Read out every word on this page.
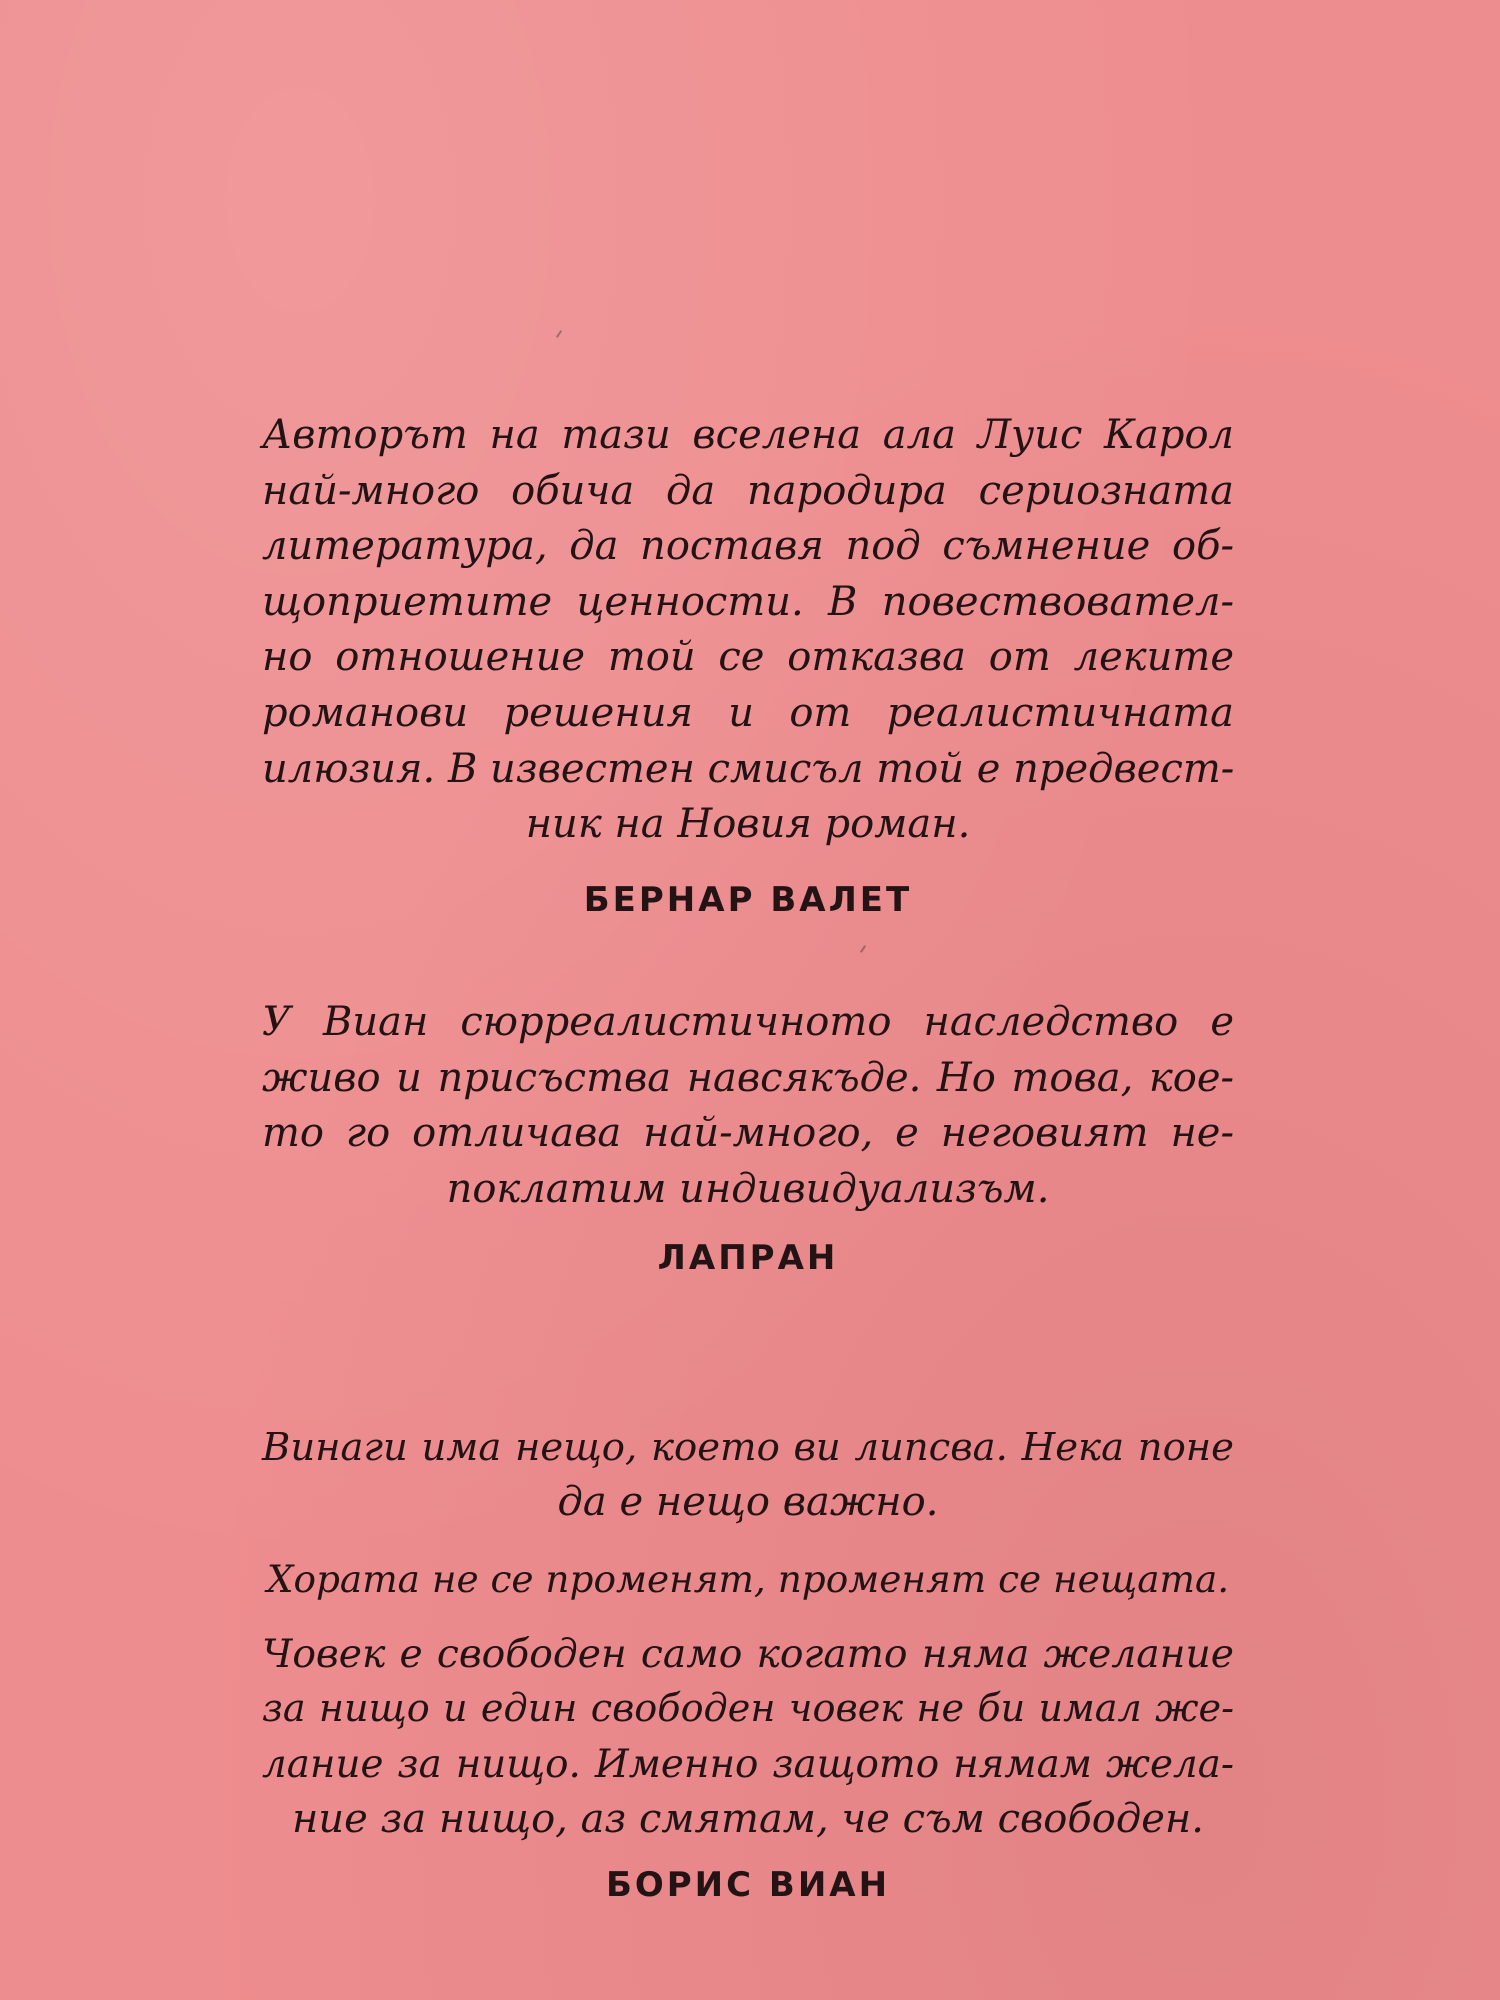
Авторът на тази вселена ала Луис Карол
най-много обича да пародира сериозната
литература, да поставя под съмнение об-
щоприетите ценности. В повествовател-
но отношение той се отказва от леките
романови решения и от реалистичната
илюзия. В известен смисъл той е предвест-
ник на Новия роман.
БЕРНАР ВАЛЕТ
У Виан сюрреалистичното наследство е
живо и присъства навсякъде. Но това, кое-
то го отличава най-много, е неговият не-
поклатим индивидуализъм.
ЛАПРАН
Винаги има нещо, което ви липсва. Нека поне
да е нещо важно.
Хората не се променят, променят се нещата.
Човек е свободен само когато няма желание
за нищо и един свободен човек не би имал же-
лание за нищо. Именно защото нямам жела-
ние за нищо, аз смятам, че съм свободен.
БОРИС ВИАН
